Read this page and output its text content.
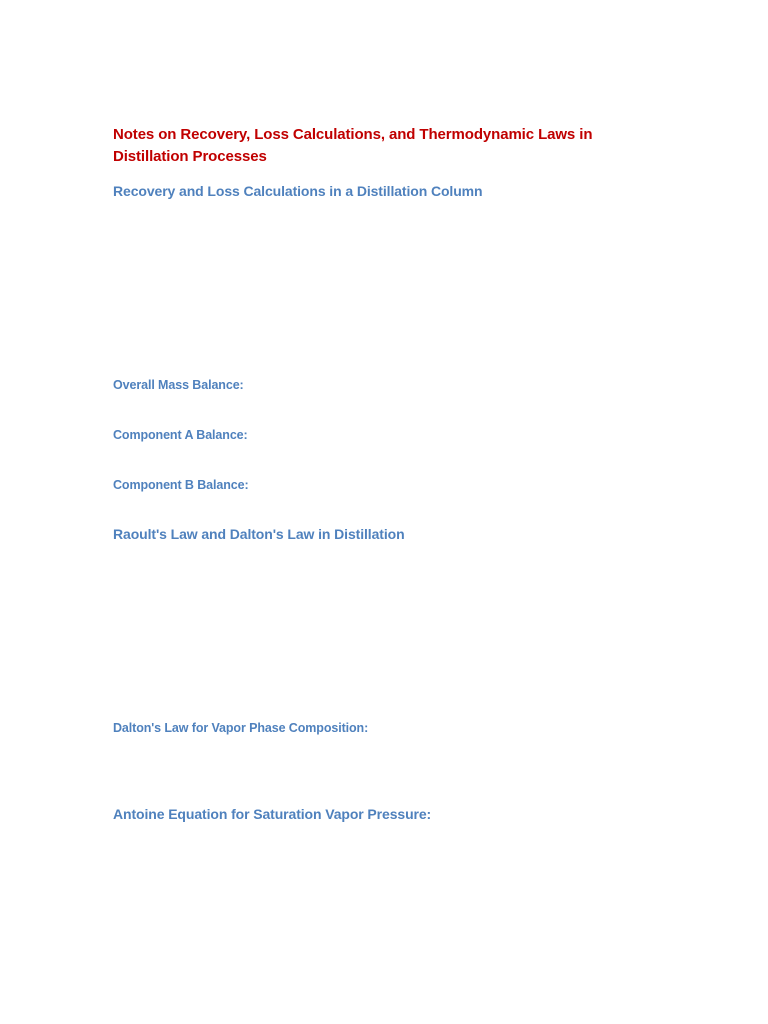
Notes on Recovery, Loss Calculations, and Thermodynamic Laws in Distillation Processes
Recovery and Loss Calculations in a Distillation Column
Overall Mass Balance:
Component A Balance:
Component B Balance:
Raoult's Law and Dalton's Law in Distillation
Dalton's Law for Vapor Phase Composition:
Antoine Equation for Saturation Vapor Pressure:
